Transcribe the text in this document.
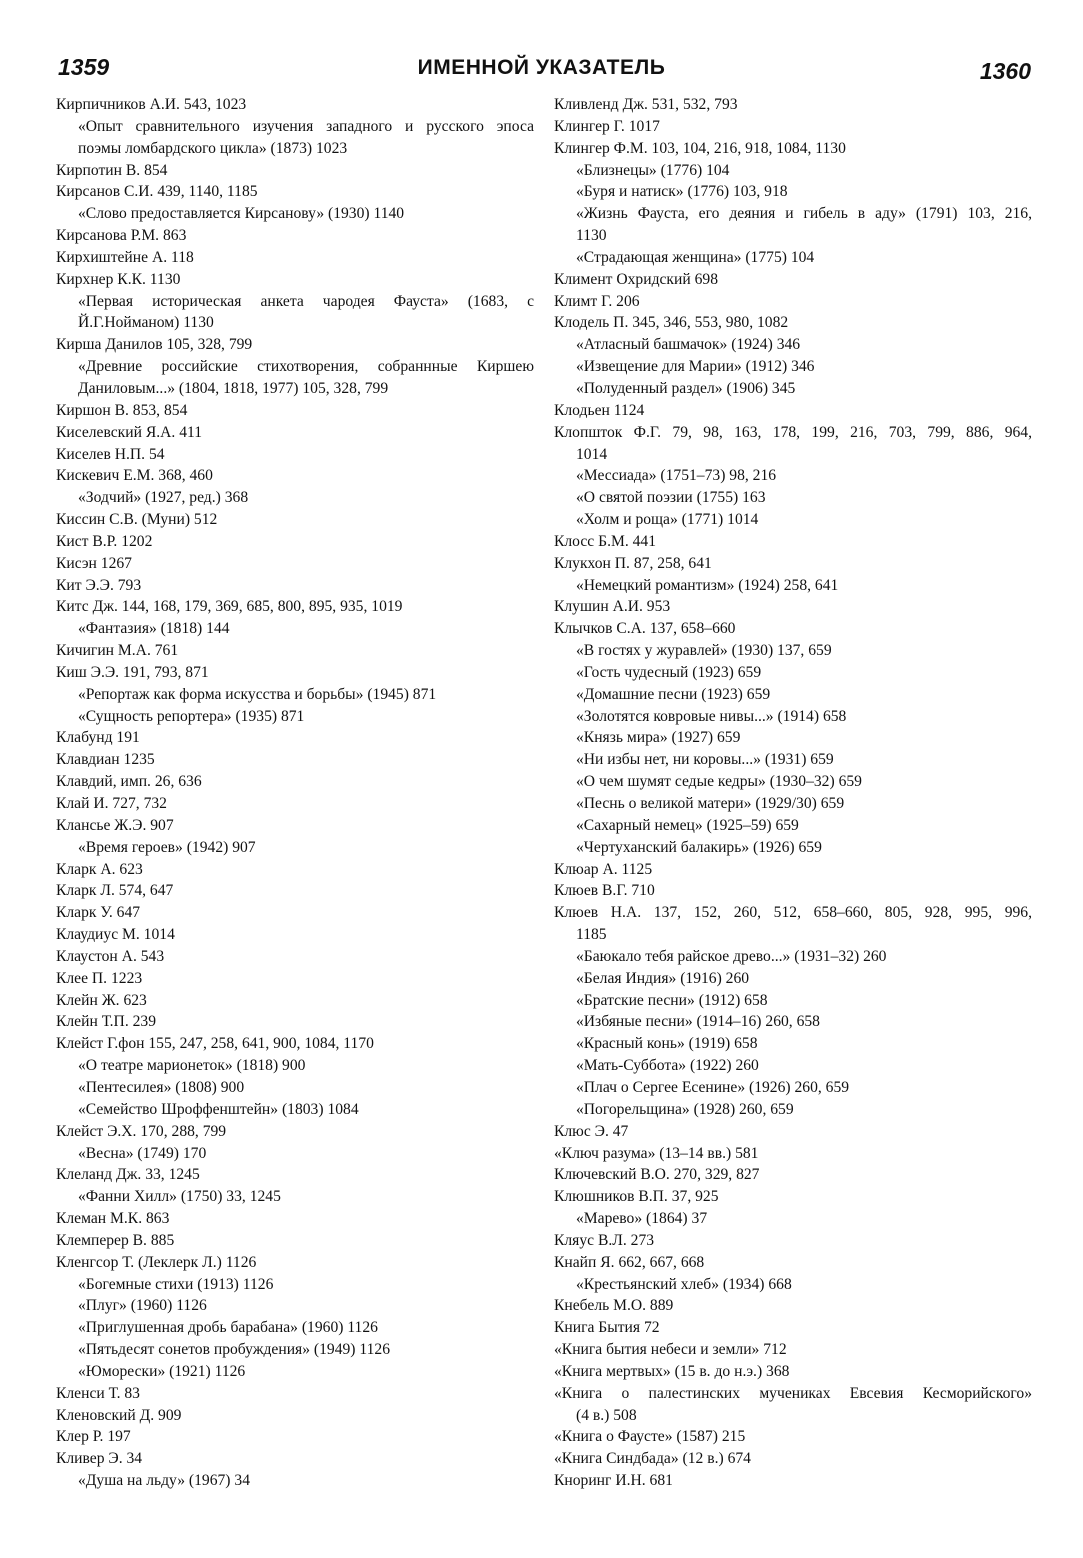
1359	ИМЕННОЙ УКАЗАТЕЛЬ	1360
Кирпичников А.И. 543, 1023
«Опыт сравнительного изучения западного и русского эпоса
поэмы ломбардского цикла» (1873) 1023
Кирпотин В. 854
Кирсанов С.И. 439, 1140, 1185
«Слово предоставляется Кирсанову» (1930) 1140
Кирсанова Р.М. 863
Кирхиштейне А. 118
Кирхнер К.К. 1130
«Первая историческая анкета чародея Фауста» (1683, с
Й.Г.Нойманом) 1130
Кирша Данилов 105, 328, 799
«Древние российские стихотворения, собраннные Киршею
Даниловым...» (1804, 1818, 1977) 105, 328, 799
Киршон В. 853, 854
Киселевский Я.А. 411
Киселев Н.П. 54
Кискевич Е.М. 368, 460
«Зодчий» (1927, ред.) 368
Киссин С.В. (Муни) 512
Кист В.Р. 1202
Кисэн 1267
Кит Э.Э. 793
Китс Дж. 144, 168, 179, 369, 685, 800, 895, 935, 1019
«Фантазия» (1818) 144
Кичигин М.А. 761
Киш Э.Э. 191, 793, 871
«Репортаж как форма искусства и борьбы» (1945) 871
«Сущность репортера» (1935) 871
Клабунд 191
Клавдиан 1235
Клавдий, имп. 26, 636
Клай И. 727, 732
Клансье Ж.Э. 907
«Время героев» (1942) 907
Кларк А. 623
Кларк Л. 574, 647
Кларк У. 647
Клаудиус М. 1014
Клаустон А. 543
Клее П. 1223
Клейн Ж. 623
Клейн Т.П. 239
Клейст Г.фон 155, 247, 258, 641, 900, 1084, 1170
«О театре марионеток» (1818) 900
«Пентесилея» (1808) 900
«Семейство Шроффенштейн» (1803) 1084
Клейст Э.Х. 170, 288, 799
«Весна» (1749) 170
Клеланд Дж. 33, 1245
«Фанни Хилл» (1750) 33, 1245
Клеман М.К. 863
Клемперер В. 885
Кленгсор Т. (Леклерк Л.) 1126
«Богемные стихи (1913) 1126
«Плуг» (1960) 1126
«Приглушенная дробь барабана» (1960) 1126
«Пятьдесят сонетов пробуждения» (1949) 1126
«Юморески» (1921) 1126
Кленси Т. 83
Кленовский Д. 909
Клер Р. 197
Кливер Э. 34
«Душа на льду» (1967) 34
Кливленд Дж. 531, 532, 793
Клингер Г. 1017
Клингер Ф.М. 103, 104, 216, 918, 1084, 1130
«Близнецы» (1776) 104
«Буря и натиск» (1776) 103, 918
«Жизнь Фауста, его деяния и гибель в аду» (1791) 103, 216,
1130
«Страдающая женщина» (1775) 104
Климент Охридский 698
Климт Г. 206
Клодель П. 345, 346, 553, 980, 1082
«Атласный башмачок» (1924) 346
«Извещение для Марии» (1912) 346
«Полуденный раздел» (1906) 345
Клодьен 1124
Клопшток Ф.Г. 79, 98, 163, 178, 199, 216, 703, 799, 886, 964,
1014
«Мессиада» (1751–73) 98, 216
«О святой поэзии (1755) 163
«Холм и роща» (1771) 1014
Клосс Б.М. 441
Клукхон П. 87, 258, 641
«Немецкий романтизм» (1924) 258, 641
Клушин А.И. 953
Клычков С.А. 137, 658–660
«В гостях у журавлей» (1930) 137, 659
«Гость чудесный (1923) 659
«Домашние песни (1923) 659
«Золотятся ковровые нивы...» (1914) 658
«Князь мира» (1927) 659
«Ни избы нет, ни коровы...» (1931) 659
«О чем шумят седые кедры» (1930–32) 659
«Песнь о великой матери» (1929/30) 659
«Сахарный немец» (1925–59) 659
«Чертуханский балакирь» (1926) 659
Клюар А. 1125
Клюев В.Г. 710
Клюев Н.А. 137, 152, 260, 512, 658–660, 805, 928, 995, 996,
1185
«Баюкало тебя райское древо...» (1931–32) 260
«Белая Индия» (1916) 260
«Братские песни» (1912) 658
«Избяные песни» (1914–16) 260, 658
«Красный конь» (1919) 658
«Мать-Суббота» (1922) 260
«Плач о Сергее Есенине» (1926) 260, 659
«Погорельщина» (1928) 260, 659
Клюс Э. 47
«Ключ разума» (13–14 вв.) 581
Ключевский В.О. 270, 329, 827
Клюшников В.П. 37, 925
«Марево» (1864) 37
Кляус В.Л. 273
Кнайп Я. 662, 667, 668
«Крестьянский хлеб» (1934) 668
Кнебель М.О. 889
Книга Бытия 72
«Книга бытия небеси и земли» 712
«Книга мертвых» (15 в. до н.э.) 368
«Книга о палестинских мучениках Евсевия Кесморийского»
(4 в.) 508
«Книга о Фаусте» (1587) 215
«Книга Синдбада» (12 в.) 674
Кноринг И.Н. 681
